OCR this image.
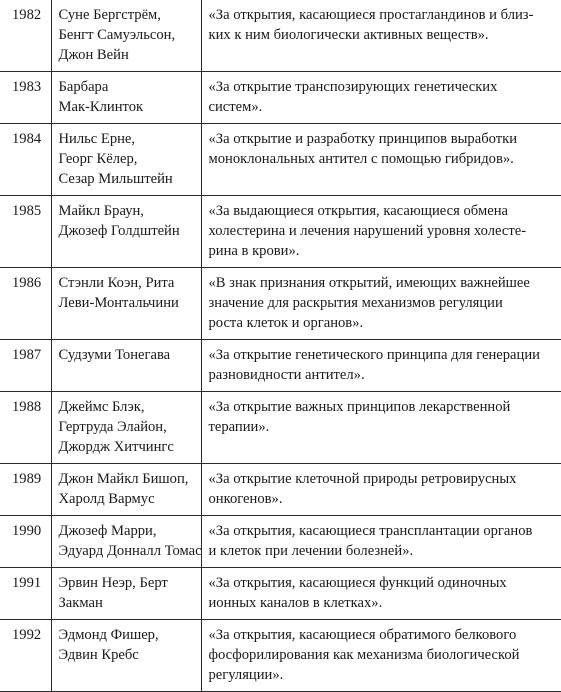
1982	Суне Бергстрём,
Бенгт Самуэльсон,
Джон Вейн	«За открытия, касающиеся простагландинов и близ-
ких к ним биологически активных веществ».

1983	Барбара
Мак-Клинток	«За открытие транспозирующих генетических
систем».

1984	Нильс Ерне,
Георг Кёлер,
Сезар Мильштейн	«За открытие и разработку принципов выработки
моноклональных антител с помощью гибридов».

1985	Майкл Браун,
Джозеф Голдштейн	«За выдающиеся открытия, касающиеся обмена
холестерина и лечения нарушений уровня холесте-
рина в крови».

1986	Стэнли Коэн, Рита
Леви-Монтальчини	«В знак признания открытий, имеющих важнейшее
значение для раскрытия механизмов регуляции
роста клеток и органов».

1987	Судзуми Тонегава	«За открытие генетического принципа для генерации
разновидности антител».

1988	Джеймс Блэк,
Гертруда Элайон,
Джордж Хитчингс	«За открытие важных принципов лекарственной
терапии».

1989	Джон Майкл Бишоп,
Харолд Вармус	«За открытие клеточной природы ретровирусных
онкогенов».

1990	Джозеф Марри,
Эдуард Донналл Томас	«За открытия, касающиеся трансплантации органов
и клеток при лечении болезней».

1991	Эрвин Неэр, Берт
Закман	«За открытия, касающиеся функций одиночных
ионных каналов в клетках».

1992	Эдмонд Фишер,
Эдвин Кребс	«За открытия, касающиеся обратимого белкового
фосфорилирования как механизма биологической
регуляции».
